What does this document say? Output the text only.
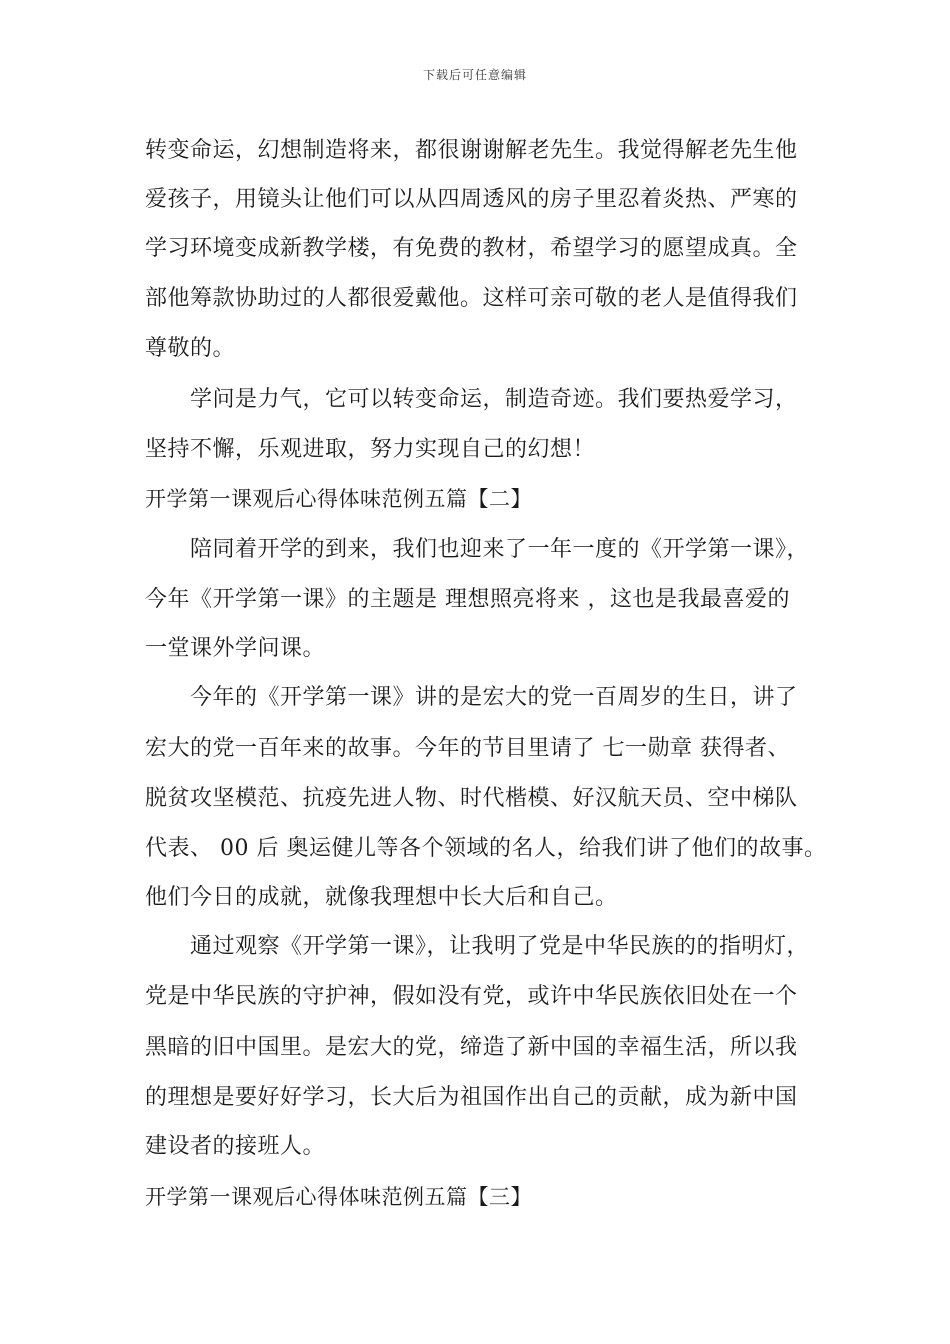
下载后可任意编辑
转变命运，幻想制造将来，都很谢谢解老先生。我觉得解老先生他
爱孩子，用镜头让他们可以从四周透风的房子里忍着炎热、严寒的
学习环境变成新教学楼，有免费的教材，希望学习的愿望成真。全
部他筹款协助过的人都很爱戴他。这样可亲可敬的老人是值得我们
尊敬的。
学问是力气，它可以转变命运，制造奇迹。我们要热爱学习，
坚持不懈，乐观进取，努力实现自己的幻想！
开学第一课观后心得体味范例五篇【二】
陪同着开学的到来，我们也迎来了一年一度的《开学第一课》，
今年《开学第一课》的主题是 理想照亮将来 ，这也是我最喜爱的
一堂课外学问课。
今年的《开学第一课》讲的是宏大的党一百周岁的生日，讲了
宏大的党一百年来的故事。今年的节目里请了 七一勋章 获得者、
脱贫攻坚模范、抗疫先进人物、时代楷模、好汉航天员、空中梯队
代表、 00 后 奥运健儿等各个领域的名人，给我们讲了他们的故事。
他们今日的成就，就像我理想中长大后和自己。
通过观察《开学第一课》，让我明了党是中华民族的的指明灯，
党是中华民族的守护神，假如没有党，或许中华民族依旧处在一个
黑暗的旧中国里。是宏大的党，缔造了新中国的幸福生活，所以我
的理想是要好好学习，长大后为祖国作出自己的贡献，成为新中国
建设者的接班人。
开学第一课观后心得体味范例五篇【三】
